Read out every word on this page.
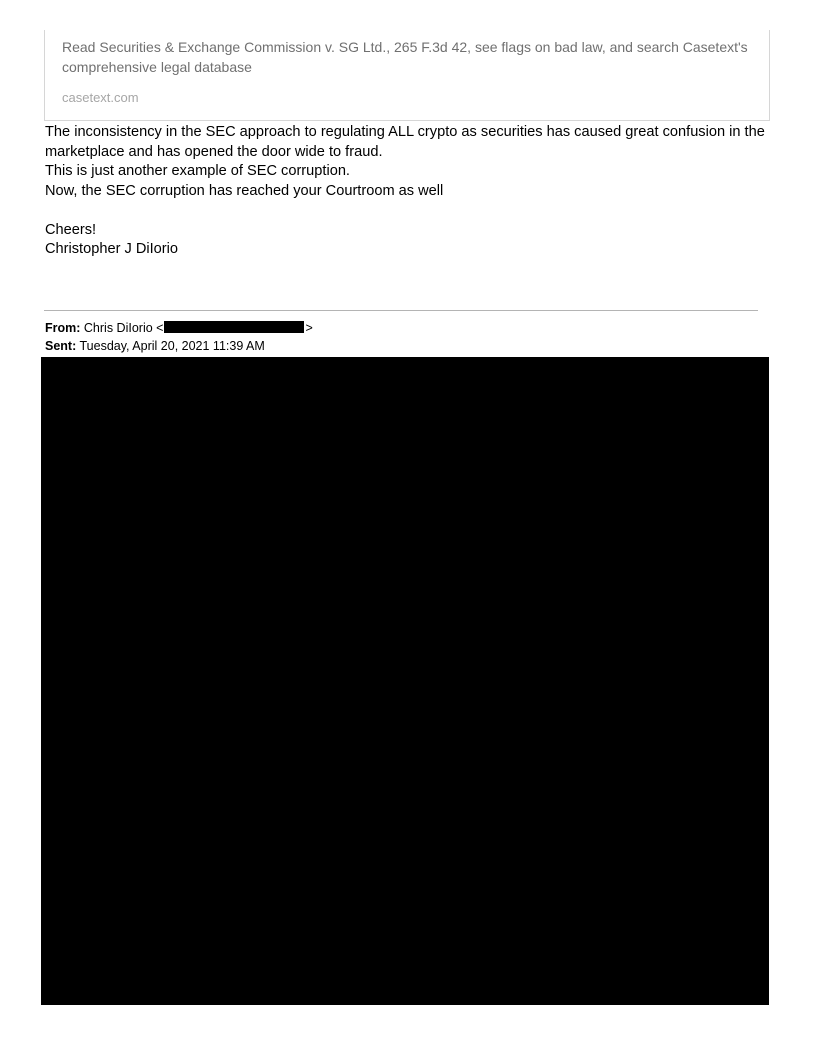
Read Securities & Exchange Commission v. SG Ltd., 265 F.3d 42, see flags on bad law, and search Casetext's comprehensive legal database
casetext.com

The inconsistency in the SEC approach to regulating ALL crypto as securities has caused great confusion in the marketplace and has opened the door wide to fraud.

This is just another example of SEC corruption.

Now, the SEC corruption has reached your Courtroom as well

Cheers!

Christopher J DiIorio

From: Chris DiIorio <	>
Sent: Tuesday, April 20, 2021 11:39 AM
